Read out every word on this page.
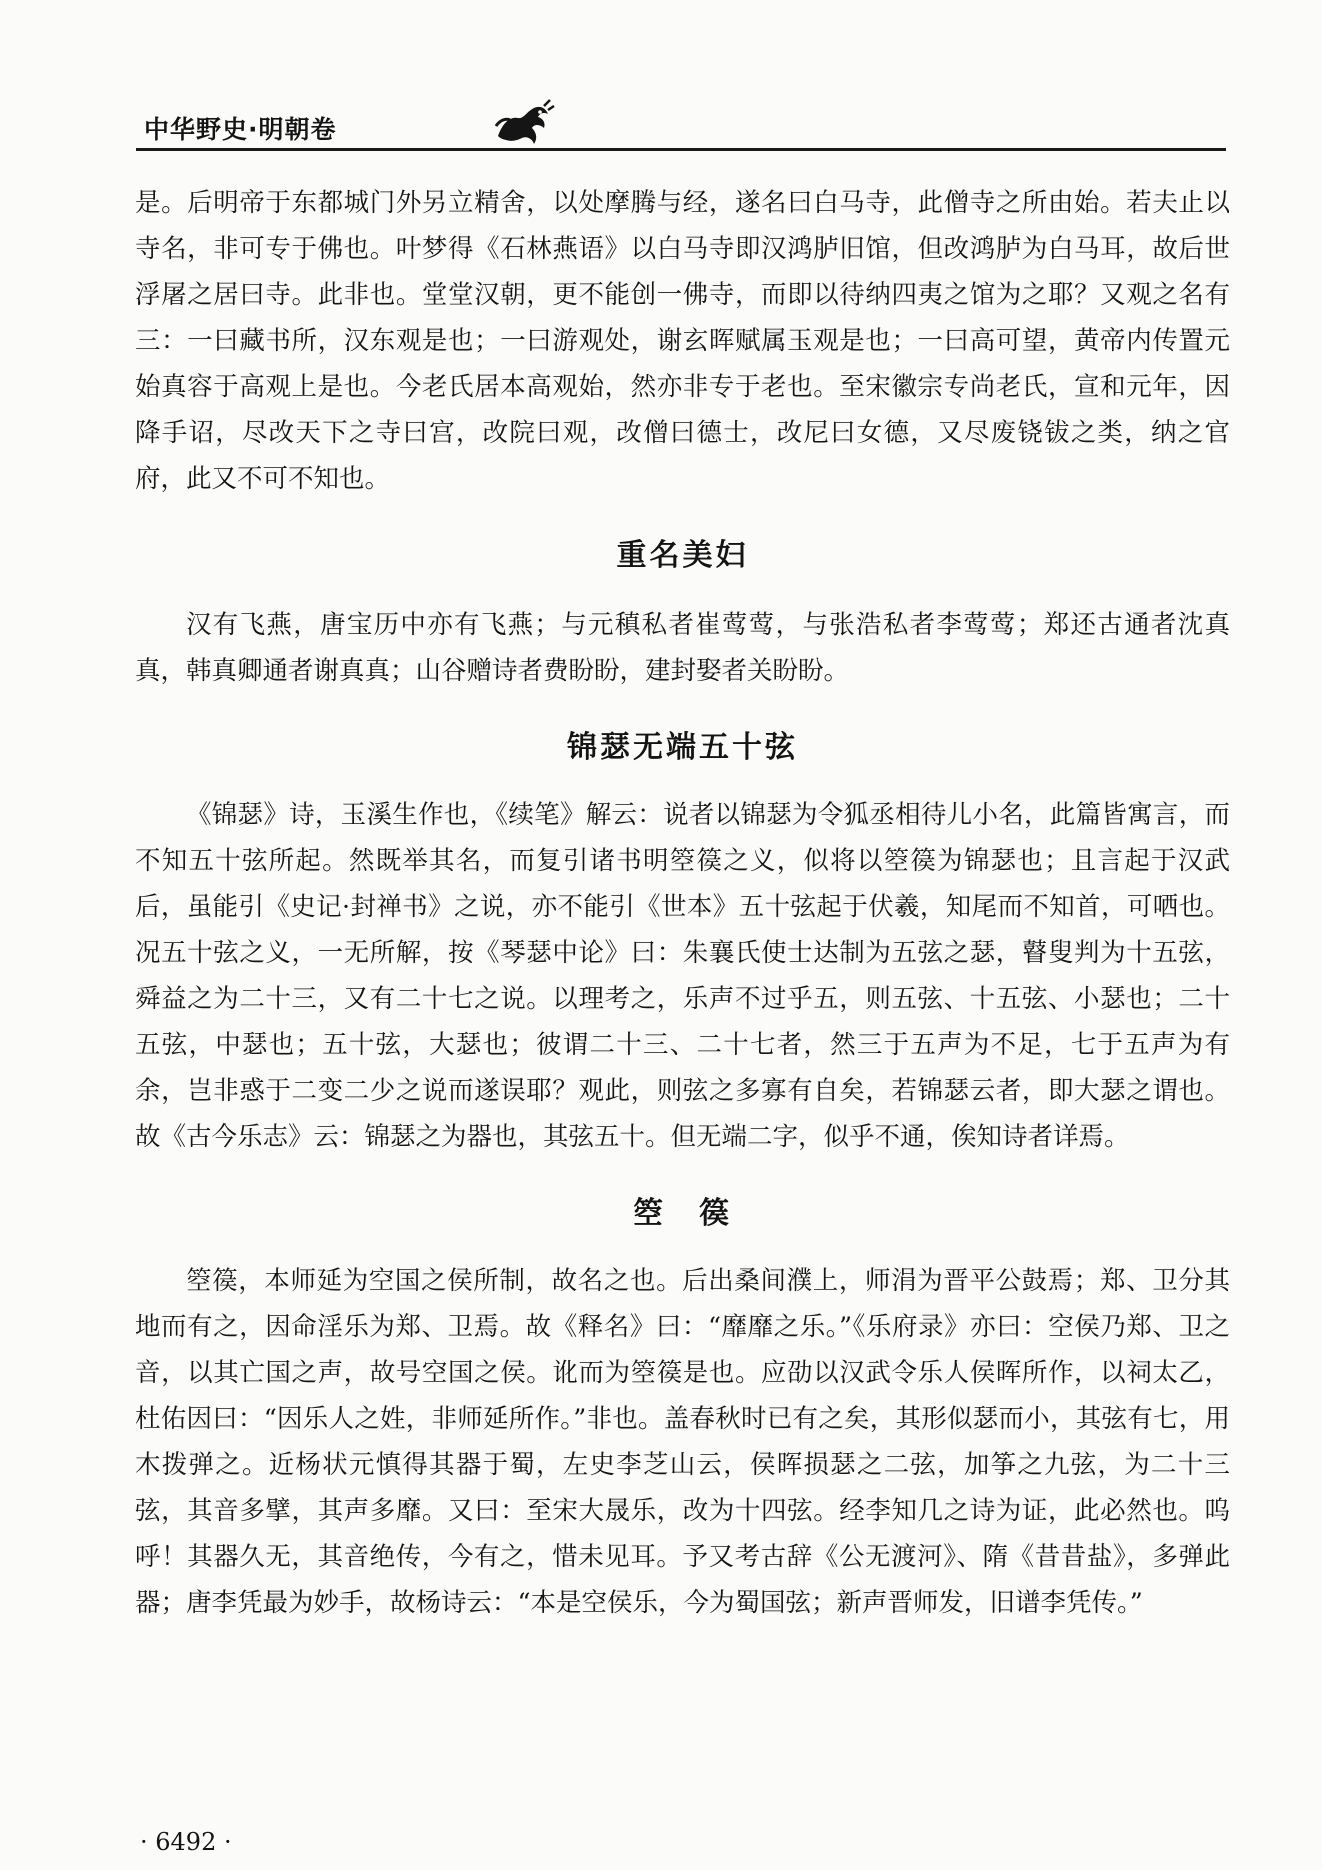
中华野史·明朝卷

是。后明帝于东都城门外另立精舍，以处摩腾与经，遂名曰白马寺，此僧寺之所由始。若夫止以寺名，非可专于佛也。叶梦得《石林燕语》以白马寺即汉鸿胪旧馆，但改鸿胪为白马耳，故后世浮屠之居曰寺。此非也。堂堂汉朝，更不能创一佛寺，而即以待纳四夷之馆为之耶？又观之名有三：一曰藏书所，汉东观是也；一曰游观处，谢玄晖赋属玉观是也；一曰高可望，黄帝内传置元始真容于高观上是也。今老氏居本高观始，然亦非专于老也。至宋徽宗专尚老氏，宣和元年，因降手诏，尽改天下之寺曰宫，改院曰观，改僧曰德士，改尼曰女德，又尽废铙钹之类，纳之官府，此又不可不知也。

重名美妇

汉有飞燕，唐宝历中亦有飞燕；与元稹私者崔莺莺，与张浩私者李莺莺；郑还古通者沈真真，韩真卿通者谢真真；山谷赠诗者费盼盼，建封娶者关盼盼。

锦瑟无端五十弦

《锦瑟》诗，玉溪生作也，《续笔》解云：说者以锦瑟为令狐丞相待儿小名，此篇皆寓言，而不知五十弦所起。然既举其名，而复引诸书明箜篌之义，似将以箜篌为锦瑟也；且言起于汉武后，虽能引《史记·封禅书》之说，亦不能引《世本》五十弦起于伏羲，知尾而不知首，可哂也。况五十弦之义，一无所解，按《琴瑟中论》曰：朱襄氏使士达制为五弦之瑟，瞽叟判为十五弦，舜益之为二十三，又有二十七之说。以理考之，乐声不过乎五，则五弦、十五弦、小瑟也；二十五弦，中瑟也；五十弦，大瑟也；彼谓二十三、二十七者，然三于五声为不足，七于五声为有余，岂非惑于二变二少之说而遂误耶？观此，则弦之多寡有自矣，若锦瑟云者，即大瑟之谓也。故《古今乐志》云：锦瑟之为器也，其弦五十。但无端二字，似乎不通，俟知诗者详焉。

箜　篌

箜篌，本师延为空国之侯所制，故名之也。后出桑间濮上，师涓为晋平公鼓焉；郑、卫分其地而有之，因命淫乐为郑、卫焉。故《释名》曰：“靡靡之乐。”《乐府录》亦曰：空侯乃郑、卫之音，以其亡国之声，故号空国之侯。讹而为箜篌是也。应劭以汉武令乐人侯晖所作，以祠太乙，杜佑因曰：“因乐人之姓，非师延所作。”非也。盖春秋时已有之矣，其形似瑟而小，其弦有七，用木拨弹之。近杨状元慎得其器于蜀，左史李芝山云，侯晖损瑟之二弦，加筝之九弦，为二十三弦，其音多擘，其声多靡。又曰：至宋大晟乐，改为十四弦。经李知几之诗为证，此必然也。呜呼！其器久无，其音绝传，今有之，惜未见耳。予又考古辞《公无渡河》、隋《昔昔盐》，多弹此器；唐李凭最为妙手，故杨诗云：“本是空侯乐，今为蜀国弦；新声晋师发，旧谱李凭传。”

· 6492 ·
